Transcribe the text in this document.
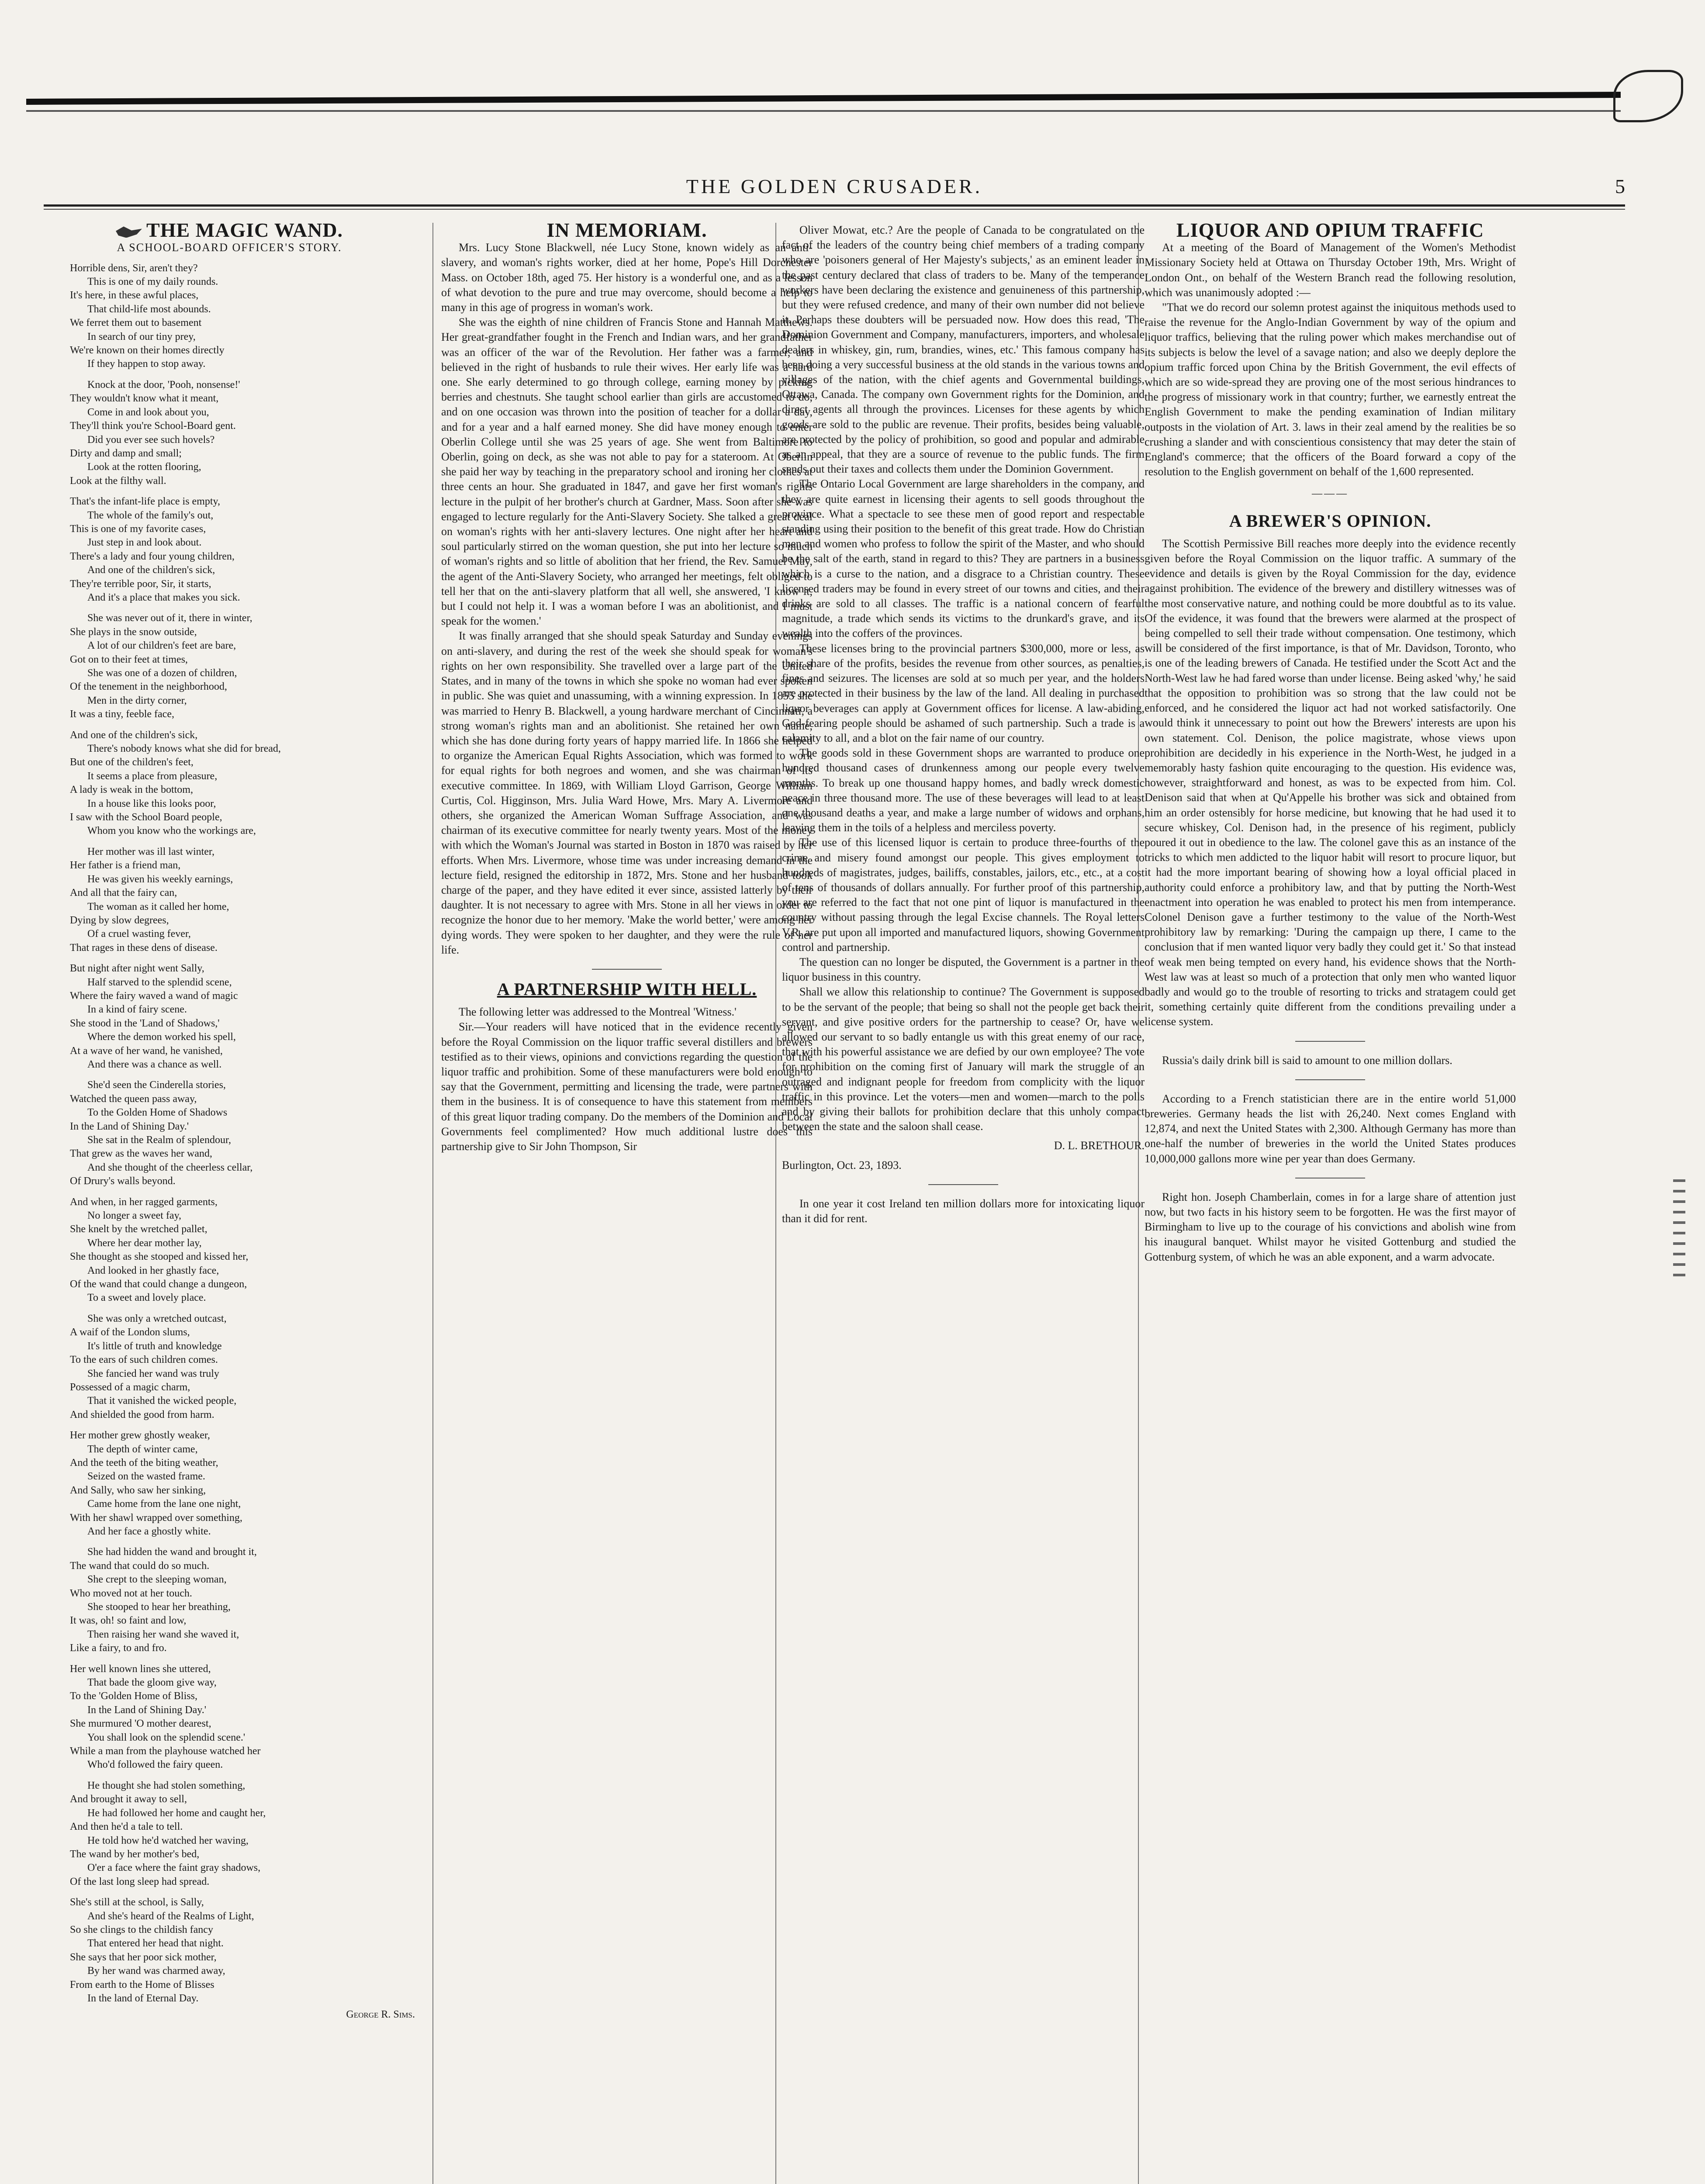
THE GOLDEN CRUSADER.	5
THE MAGIC WAND.
A SCHOOL-BOARD OFFICER'S STORY.

Horrible dens, Sir, aren't they?

This is one of my daily rounds.

It's here, in these awful places,

That child-life most abounds.

We ferret them out to basement

In search of our tiny prey,

We're known on their homes directly

If they happen to stop away.

Knock at the door, 'Pooh, nonsense!'

They wouldn't know what it meant,

Come in and look about you,

They'll think you're School-Board gent.

Did you ever see such hovels?

Dirty and damp and small;

Look at the rotten flooring,

Look at the filthy wall.

That's the infant-life place is empty,

The whole of the family's out,

This is one of my favorite cases,

Just step in and look about.

There's a lady and four young children,

And one of the children's sick,

They're terrible poor, Sir, it starts,

And it's a place that makes you sick.

She was never out of it, there in winter,

She plays in the snow outside,

A lot of our children's feet are bare,

Got on to their feet at times,

She was one of a dozen of children,

Of the tenement in the neighborhood,

Men in the dirty corner,

It was a tiny, feeble face,

And one of the children's sick,

There's nobody knows what she did for bread,

But one of the children's feet,

It seems a place from pleasure,

A lady is weak in the bottom,

In a house like this looks poor,

I saw with the School Board people,

Whom you know who the workings are,

Her mother was ill last winter,

Her father is a friend man,

He was given his weekly earnings,

And all that the fairy can,

The woman as it called her home,

Dying by slow degrees,

Of a cruel wasting fever,

That rages in these dens of disease.

But night after night went Sally,

Half starved to the splendid scene,

Where the fairy waved a wand of magic

In a kind of fairy scene.

She stood in the 'Land of Shadows,'

Where the demon worked his spell,

At a wave of her wand, he vanished,

And there was a chance as well.

She'd seen the Cinderella stories,

Watched the queen pass away,

To the Golden Home of Shadows

In the Land of Shining Day.'

She sat in the Realm of splendour,

That grew as the waves her wand,

And she thought of the cheerless cellar,

Of Drury's walls beyond.

And when, in her ragged garments,

No longer a sweet fay,

She knelt by the wretched pallet,

Where her dear mother lay,

She thought as she stooped and kissed her,

And looked in her ghastly face,

Of the wand that could change a dungeon,

To a sweet and lovely place.

She was only a wretched outcast,

A waif of the London slums,

It's little of truth and knowledge

To the ears of such children comes.

She fancied her wand was truly

Possessed of a magic charm,

That it vanished the wicked people,

And shielded the good from harm.

Her mother grew ghostly weaker,

The depth of winter came,

And the teeth of the biting weather,

Seized on the wasted frame.

And Sally, who saw her sinking,

Came home from the lane one night,

With her shawl wrapped over something,

And her face a ghostly white.

She had hidden the wand and brought it,

The wand that could do so much.

She crept to the sleeping woman,

Who moved not at her touch.

She stooped to hear her breathing,

It was, oh! so faint and low,

Then raising her wand she waved it,

Like a fairy, to and fro.

Her well known lines she uttered,

That bade the gloom give way,

To the 'Golden Home of Bliss,

In the Land of Shining Day.'

She murmured 'O mother dearest,

You shall look on the splendid scene.'

While a man from the playhouse watched her

Who'd followed the fairy queen.

He thought she had stolen something,

And brought it away to sell,

He had followed her home and caught her,

And then he'd a tale to tell.

He told how he'd watched her waving,

The wand by her mother's bed,

O'er a face where the faint gray shadows,

Of the last long sleep had spread.

She's still at the school, is Sally,

And she's heard of the Realms of Light,

So she clings to the childish fancy

That entered her head that night.

She says that her poor sick mother,

By her wand was charmed away,

From earth to the Home of Blisses

In the land of Eternal Day.

George R. Sims.
IN MEMORIAM.

Mrs. Lucy Stone Blackwell, née Lucy Stone, known widely as an anti-slavery, and woman's rights worker, died at her home, Pope's Hill Dorchester Mass. on October 18th, aged 75. Her history is a wonderful one, and as a lesson of what devotion to the pure and true may overcome, should become a help to many in this age of progress in woman's work.

She was the eighth of nine children of Francis Stone and Hannah Matthews. Her great-grandfather fought in the French and Indian wars, and her grandfather was an officer of the war of the Revolution. Her father was a farmer, and believed in the right of husbands to rule their wives. Her early life was a hard one. She early determined to go through college, earning money by picking berries and chestnuts. She taught school earlier than girls are accustomed to do, and on one occasion was thrown into the position of teacher for a dollar a day, and for a year and a half earned money. She did have money enough to enter Oberlin College until she was 25 years of age. She went from Baltimore to Oberlin, going on deck, as she was not able to pay for a stateroom. At Oberlin she paid her way by teaching in the preparatory school and ironing her clothes at three cents an hour. She graduated in 1847, and gave her first woman's rights lecture in the pulpit of her brother's church at Gardner, Mass. Soon after she was engaged to lecture regularly for the Anti-Slavery Society. She talked a great deal on woman's rights with her anti-slavery lectures. One night after her heart and soul particularly stirred on the woman question, she put into her lecture so much of woman's rights and so little of abolition that her friend, the Rev. Samuel May, the agent of the Anti-Slavery Society, who arranged her meetings, felt obliged to tell her that on the anti-slavery platform that all well, she answered, 'I know it, but I could not help it. I was a woman before I was an abolitionist, and I must speak for the women.'

It was finally arranged that she should speak Saturday and Sunday evenings on anti-slavery, and during the rest of the week she should speak for woman's rights on her own responsibility. She travelled over a large part of the United States, and in many of the towns in which she spoke no woman had ever spoken in public. She was quiet and unassuming, with a winning expression. In 1855 she was married to Henry B. Blackwell, a young hardware merchant of Cincinnati, a strong woman's rights man and an abolitionist. She retained her own name, which she has done during forty years of happy married life. In 1866 she helped to organize the American Equal Rights Association, which was formed to work for equal rights for both negroes and women, and she was chairman of its executive committee. In 1869, with William Lloyd Garrison, George William Curtis, Col. Higginson, Mrs. Julia Ward Howe, Mrs. Mary A. Livermore and others, she organized the American Woman Suffrage Association, and was chairman of its executive committee for nearly twenty years. Most of the money with which the Woman's Journal was started in Boston in 1870 was raised by her efforts. When Mrs. Livermore, whose time was under increasing demand in the lecture field, resigned the editorship in 1872, Mrs. Stone and her husband took charge of the paper, and they have edited it ever since, assisted latterly by their daughter. It is not necessary to agree with Mrs. Stone in all her views in order to recognize the honor due to her memory. 'Make the world better,' were among her dying words. They were spoken to her daughter, and they were the rule of her life.

A PARTNERSHIP WITH HELL.

The following letter was addressed to the Montreal 'Witness.'

Sir.—Your readers will have noticed that in the evidence recently given before the Royal Commission on the liquor traffic several distillers and brewers testified as to their views, opinions and convictions regarding the question of the liquor traffic and prohibition. Some of these manufacturers were bold enough to say that the Government, permitting and licensing the trade, were partners with them in the business. It is of consequence to have this statement from members of this great liquor trading company. Do the members of the Dominion and Local Governments feel complimented? How much additional lustre does this partnership give to Sir John Thompson, Sir

Oliver Mowat, etc.? Are the people of Canada to be congratulated on the fact of the leaders of the country being chief members of a trading company who are 'poisoners general of Her Majesty's subjects,' as an eminent leader in the past century declared that class of traders to be. Many of the temperance workers have been declaring the existence and genuineness of this partnership, but they were refused credence, and many of their own number did not believe it. Perhaps these doubters will be persuaded now. How does this read, 'The Dominion Government and Company, manufacturers, importers, and wholesale dealers in whiskey, gin, rum, brandies, wines, etc.' This famous company has been doing a very successful business at the old stands in the various towns and villages of the nation, with the chief agents and Governmental buildings, Ottawa, Canada. The company own Government rights for the Dominion, and direct agents all through the provinces. Licenses for these agents by which goods are sold to the public are revenue. Their profits, besides being valuable, are protected by the policy of prohibition, so good and popular and admirable as an appeal, that they are a source of revenue to the public funds. The firm sends out their taxes and collects them under the Dominion Government.

The Ontario Local Government are large shareholders in the company, and they are quite earnest in licensing their agents to sell goods throughout the province. What a spectacle to see these men of good report and respectable standing using their position to the benefit of this great trade. How do Christian men and women who profess to follow the spirit of the Master, and who should be the salt of the earth, stand in regard to this? They are partners in a business which is a curse to the nation, and a disgrace to a Christian country. These licensed traders may be found in every street of our towns and cities, and their drinks are sold to all classes. The traffic is a national concern of fearful magnitude, a trade which sends its victims to the drunkard's grave, and its wealth into the coffers of the provinces.

These licenses bring to the provincial partners $300,000, more or less, as their share of the profits, besides the revenue from other sources, as penalties, fines and seizures. The licenses are sold at so much per year, and the holders are protected in their business by the law of the land. All dealing in purchased liquor beverages can apply at Government offices for license. A law-abiding, God-fearing people should be ashamed of such partnership. Such a trade is a calamity to all, and a blot on the fair name of our country.

The goods sold in these Government shops are warranted to produce one hundred thousand cases of drunkenness among our people every twelve months. To break up one thousand happy homes, and badly wreck domestic peace in three thousand more. The use of these beverages will lead to at least one thousand deaths a year, and make a large number of widows and orphans, leaving them in the toils of a helpless and merciless poverty.

The use of this licensed liquor is certain to produce three-fourths of the crime and misery found amongst our people. This gives employment to hundreds of magistrates, judges, bailiffs, constables, jailors, etc., etc., at a cost of tens of thousands of dollars annually. For further proof of this partnership, you are referred to the fact that not one pint of liquor is manufactured in the country without passing through the legal Excise channels. The Royal letters V.R. are put upon all imported and manufactured liquors, showing Government control and partnership.

The question can no longer be disputed, the Government is a partner in the liquor business in this country.

Shall we allow this relationship to continue? The Government is supposed to be the servant of the people; that being so shall not the people get back their servant, and give positive orders for the partnership to cease? Or, have we allowed our servant to so badly entangle us with this great enemy of our race, that with his powerful assistance we are defied by our own employee? The vote for prohibition on the coming first of January will mark the struggle of an outraged and indignant people for freedom from complicity with the liquor traffic in this province. Let the voters—men and women—march to the polls and by giving their ballots for prohibition declare that this unholy compact between the state and the saloon shall cease.

D. L. BRETHOUR.
Burlington, Oct. 23, 1893.

In one year it cost Ireland ten million dollars more for intoxicating liquor than it did for rent.

LIQUOR AND OPIUM TRAFFIC

At a meeting of the Board of Management of the Women's Methodist Missionary Society held at Ottawa on Thursday October 19th, Mrs. Wright of London Ont., on behalf of the Western Branch read the following resolution, which was unanimously adopted :—

"That we do record our solemn protest against the iniquitous methods used to raise the revenue for the Anglo-Indian Government by way of the opium and liquor traffics, believing that the ruling power which makes merchandise out of its subjects is below the level of a savage nation; and also we deeply deplore the opium traffic forced upon China by the British Government, the evil effects of which are so wide-spread they are proving one of the most serious hindrances to the progress of missionary work in that country; further, we earnestly entreat the English Government to make the pending examination of Indian military outposts in the violation of Art. 3. laws in their zeal amend by the realities be so crushing a slander and with conscientious consistency that may deter the stain of England's commerce; that the officers of the Board forward a copy of the resolution to the English government on behalf of the 1,600 represented.

———
A BREWER'S OPINION.

The Scottish Permissive Bill reaches more deeply into the evidence recently given before the Royal Commission on the liquor traffic. A summary of the evidence and details is given by the Royal Commission for the day, evidence against prohibition. The evidence of the brewery and distillery witnesses was of the most conservative nature, and nothing could be more doubtful as to its value. Of the evidence, it was found that the brewers were alarmed at the prospect of being compelled to sell their trade without compensation. One testimony, which will be considered of the first importance, is that of Mr. Davidson, Toronto, who is one of the leading brewers of Canada. He testified under the Scott Act and the North-West law he had fared worse than under license. Being asked 'why,' he said that the opposition to prohibition was so strong that the law could not be enforced, and he considered the liquor act had not worked satisfactorily. One would think it unnecessary to point out how the Brewers' interests are upon his own statement. Col. Denison, the police magistrate, whose views upon prohibition are decidedly in his experience in the North-West, he judged in a memorably hasty fashion quite encouraging to the question. His evidence was, however, straightforward and honest, as was to be expected from him. Col. Denison said that when at Qu'Appelle his brother was sick and obtained from him an order ostensibly for horse medicine, but knowing that he had used it to secure whiskey, Col. Denison had, in the presence of his regiment, publicly poured it out in obedience to the law. The colonel gave this as an instance of the tricks to which men addicted to the liquor habit will resort to procure liquor, but it had the more important bearing of showing how a loyal official placed in authority could enforce a prohibitory law, and that by putting the North-West enactment into operation he was enabled to protect his men from intemperance. Colonel Denison gave a further testimony to the value of the North-West prohibitory law by remarking: 'During the campaign up there, I came to the conclusion that if men wanted liquor very badly they could get it.' So that instead of weak men being tempted on every hand, his evidence shows that the North-West law was at least so much of a protection that only men who wanted liquor badly and would go to the trouble of resorting to tricks and stratagem could get it, something certainly quite different from the conditions prevailing under a license system.

Russia's daily drink bill is said to amount to one million dollars.

According to a French statistician there are in the entire world 51,000 breweries. Germany heads the list with 26,240. Next comes England with 12,874, and next the United States with 2,300. Although Germany has more than one-half the number of breweries in the world the United States produces 10,000,000 gallons more wine per year than does Germany.

Right hon. Joseph Chamberlain, comes in for a large share of attention just now, but two facts in his history seem to be forgotten. He was the first mayor of Birmingham to live up to the courage of his convictions and abolish wine from his inaugural banquet. Whilst mayor he visited Gottenburg and studied the Gottenburg system, of which he was an able exponent, and a warm advocate.
